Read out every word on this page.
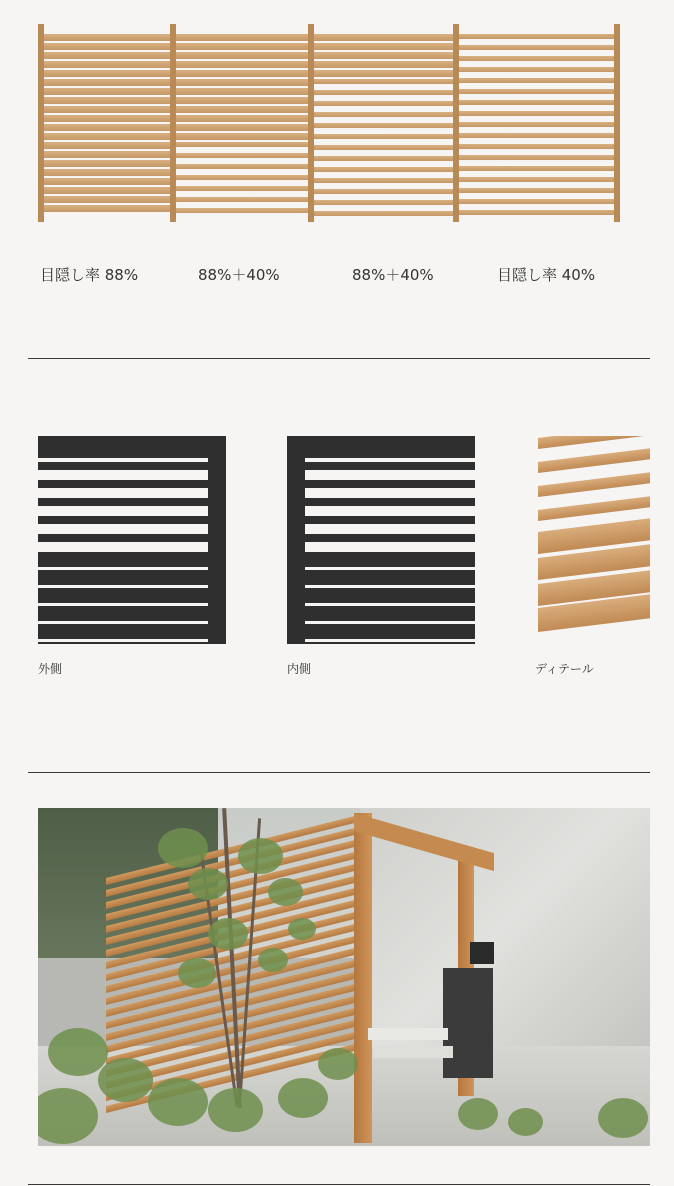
目隠し率 88%	88%＋40%	88%＋40%	目隠し率 40%
外側	内側	ディテール
